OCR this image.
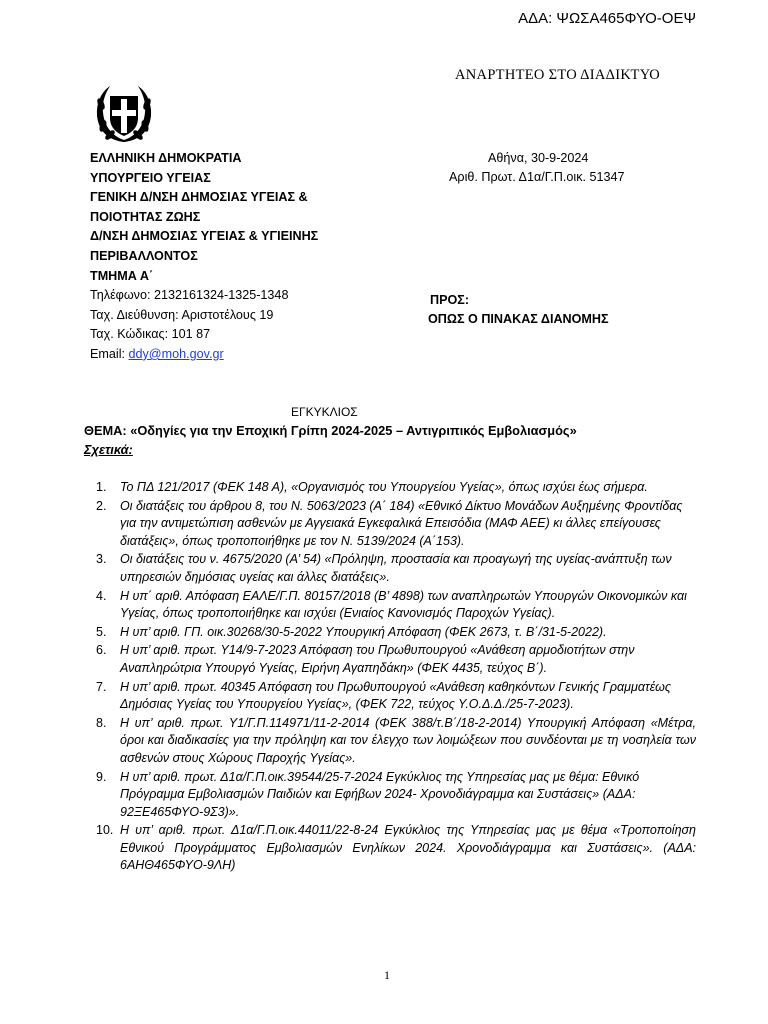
ΑΔΑ: ΨΩΣΑ465ΦΥΟ-ΟΕΨ
ΑΝΑΡΤΗΤΕΟ ΣΤΟ ΔΙΑΔΙΚΤΥΟ
ΕΛΛΗΝΙΚΗ ΔΗΜΟΚΡΑΤΙΑ
ΥΠΟΥΡΓΕΙΟ ΥΓΕΙΑΣ
ΓΕΝΙΚΗ Δ/ΝΣΗ ΔΗΜΟΣΙΑΣ ΥΓΕΙΑΣ &
ΠΟΙΟΤΗΤΑΣ ΖΩΗΣ
Δ/ΝΣΗ ΔΗΜΟΣΙΑΣ ΥΓΕΙΑΣ & ΥΓΙΕΙΝΗΣ
ΠΕΡΙΒΑΛΛΟΝΤΟΣ
ΤΜΗΜΑ Α΄
Τηλέφωνο: 2132161324-1325-1348
Ταχ. Διεύθυνση: Αριστοτέλους 19
Ταχ. Κώδικας: 101 87
Email: ddy@moh.gov.gr
Αθήνα, 30-9-2024
Αριθ. Πρωτ. Δ1α/Γ.Π.οικ. 51347
ΠΡΟΣ:
ΟΠΩΣ Ο ΠΙΝΑΚΑΣ ΔΙΑΝΟΜΗΣ
ΕΓΚΥΚΛΙΟΣ
ΘΕΜΑ: «Οδηγίες για την Εποχική Γρίπη 2024-2025 – Αντιγριπικός Εμβολιασμός»
Σχετικά:
1. Το ΠΔ 121/2017 (ΦΕΚ 148 Α), «Οργανισμός του Υπουργείου Υγείας», όπως ισχύει έως σήμερα.
2. Οι διατάξεις του άρθρου 8, του Ν. 5063/2023 (Α΄ 184) «Εθνικό Δίκτυο Μονάδων Αυξημένης Φροντίδας για την αντιμετώπιση ασθενών με Αγγειακά Εγκεφαλικά Επεισόδια (ΜΑΦ ΑΕΕ) κι άλλες επείγουσες διατάξεις», όπως τροποποιήθηκε με τον Ν. 5139/2024 (Α΄153).
3. Οι διατάξεις του ν. 4675/2020 (Α’ 54) «Πρόληψη, προστασία και προαγωγή της υγείας-ανάπτυξη των υπηρεσιών δημόσιας υγείας και άλλες διατάξεις».
4. Η υπ΄ αριθ. Απόφαση ΕΑΛΕ/Γ.Π. 80157/2018 (Β’ 4898) των αναπληρωτών Υπουργών Οικονομικών και Υγείας, όπως τροποποιήθηκε και ισχύει (Ενιαίος Κανονισμός Παροχών Υγείας).
5. Η υπ’ αριθ. ΓΠ. οικ.30268/30-5-2022 Υπουργική Απόφαση (ΦΕΚ 2673, τ. Β΄/31-5-2022).
6. Η υπ’ αριθ. πρωτ. Υ14/9-7-2023 Απόφαση του Πρωθυπουργού «Ανάθεση αρμοδιοτήτων στην Αναπληρώτρια Υπουργό Υγείας, Ειρήνη Αγαπηδάκη» (ΦΕΚ 4435, τεύχος Β΄).
7. Η υπ’ αριθ. πρωτ. 40345 Απόφαση του Πρωθυπουργού «Ανάθεση καθηκόντων Γενικής Γραμματέως Δημόσιας Υγείας του Υπουργείου Υγείας», (ΦΕΚ 722, τεύχος Υ.Ο.Δ.Δ./25-7-2023).
8. Η υπ’ αριθ. πρωτ. Υ1/Γ.Π.114971/11-2-2014 (ΦΕΚ 388/τ.Β΄/18-2-2014) Υπουργική Απόφαση «Μέτρα, όροι και διαδικασίες για την πρόληψη και τον έλεγχο των λοιμώξεων που συνδέονται με τη νοσηλεία των ασθενών στους Χώρους Παροχής Υγείας».
9. Η υπ’ αριθ. πρωτ. Δ1α/Γ.Π.οικ.39544/25-7-2024 Εγκύκλιος της Υπηρεσίας μας με θέμα: Εθνικό Πρόγραμμα Εμβολιασμών Παιδιών και Εφήβων 2024- Χρονοδιάγραμμα και Συστάσεις» (ΑΔΑ: 92ΞΕ465ΦΥΟ-9Σ3)».
10. Η υπ’ αριθ. πρωτ. Δ1α/Γ.Π.οικ.44011/22-8-24 Εγκύκλιος της Υπηρεσίας μας με θέμα «Τροποποίηση Εθνικού Προγράμματος Εμβολιασμών Ενηλίκων 2024. Χρονοδιάγραμμα και Συστάσεις». (ΑΔΑ: 6ΑΗΘ465ΦΥΟ-9ΛΗ)
1
